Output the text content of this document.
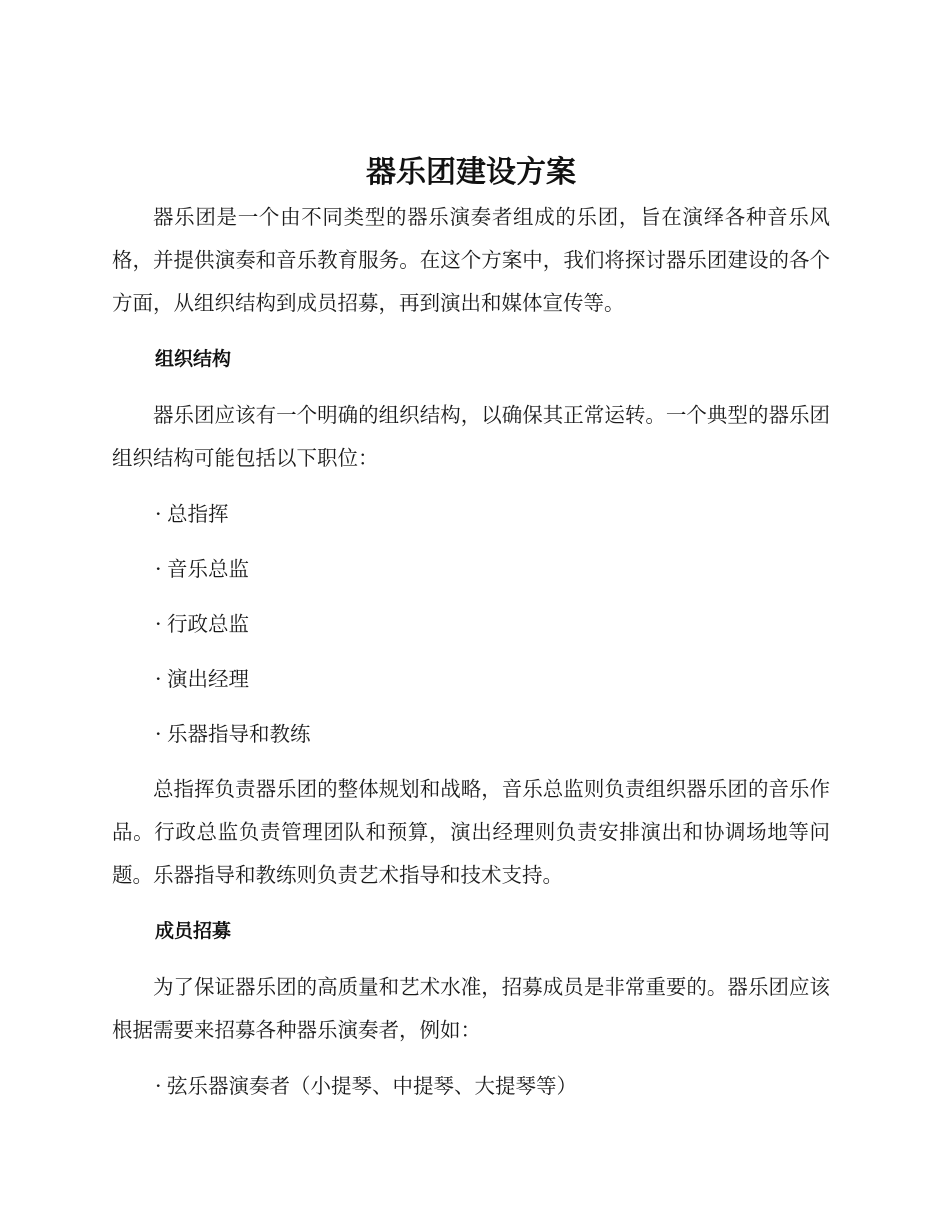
器乐团建设方案

器乐团是一个由不同类型的器乐演奏者组成的乐团，旨在演绎各种音乐风格，并提供演奏和音乐教育服务。在这个方案中，我们将探讨器乐团建设的各个方面，从组织结构到成员招募，再到演出和媒体宣传等。

组织结构

器乐团应该有一个明确的组织结构，以确保其正常运转。一个典型的器乐团组织结构可能包括以下职位：

· 总指挥
· 音乐总监
· 行政总监
· 演出经理
· 乐器指导和教练

总指挥负责器乐团的整体规划和战略，音乐总监则负责组织器乐团的音乐作品。行政总监负责管理团队和预算，演出经理则负责安排演出和协调场地等问题。乐器指导和教练则负责艺术指导和技术支持。

成员招募

为了保证器乐团的高质量和艺术水准，招募成员是非常重要的。器乐团应该根据需要来招募各种器乐演奏者，例如：

· 弦乐器演奏者（小提琴、中提琴、大提琴等）
